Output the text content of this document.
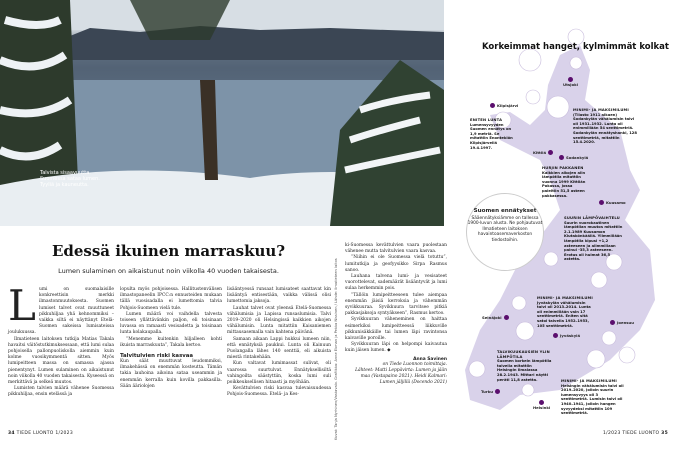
Talvista sisaavuutta. Suomessa sataa lumen. Tyyliä ja kauneutta.
Kuvat: Tanja Nyrhinen/Vastavalo. Grafiikka: Anne Ekman ja Pekka Nissinen / Lähde: Ilmatieteen laitos
Edessä ikuinen marraskuu?
Lumen sulaminen on aikaistunut noin viikolla 40 vuoden takaisesta.
L umi on suomalaisille konkreettisin merkki ilmastonmuutoksesta. Suomen lumiset talvet ovat muuttuneet pikkuhiljaa yhä kehnommiksi – vaikka siltä ei näyttänyt Etelä-Suomen sakeissa lumisateissa joulukuussa.

Ilmatieteen laitoksen tutkija Matias Takala havaitsi väitöstutkimuksessaan, että lumi sulaa pohjoisella pallonpuoliskolla aiemmin kuin kolme vuosikymmentä sitten. Myös lumipeitteen massa on samassa ajassa pienentynyt. Lumen sulaminen on aikaistunut noin viikolla 40 vuoden takaisesta. Kyseessä on merkittävä ja selkeä muutos.

Lumisten talvien määrä vähenee Suomessa pikkuhiljaa, ensin etelässä ja

lopulta myös pohjoisessa. Hallitustenvälisen ilmastopaneelin IPCC:n ennusteiden mukaan tällä vuosisadalla ei lumettomia talvia Pohjois-Suomeen vielä tule.

Lumen määrä voi vaihdella talvesta toiseen yllättävänkin paljon, eli toisinaan luvassa on ramaasti vesisadetta ja toisinaan lunta kolakaupalla.

”Menemme kuitenkin hiljalleen kohti ikuista marraskuuta”, Takala kertoo.

Talvitulvien riski kasvaa

Kun säät muuttuvat leudommiksi, ilmakehässä on enemmän kosteutta. Tämän takia lauhoina aikoina sataa useammin ja enemmän kerralla kuin kovilla pakkasilla. Sään ääriolojen

lisääntyessä runsaat lumisateet saattavat kin lisääntyä entisestään, vaikka välissä olisi lumettomia jaksoja.

Lauhat talvet ovat yleensä Etelä-Suomessa vähälumisia ja Lapissa runsaslumisia. Talvi 2019–2020 oli Helsingissä kaikkien aikojen vähälumisin. Lunta mitattiin Kaisaniemen mittausasemalla vain kahtena päivänä.

Samaan aikaan Lappi hukkui lumeen niin, että ennätyksiä paukkui. Lunta oli Kainuun Puolangalla lähes 140 senttiä, eli aikuista miestä rintakehään.

Kun valtavat lumimassat sulivat, oli vaarossa suurtulvat. Ennätyksellisiltä vahingoilta säästyttiin, koska lumi suli poikkeuksellisen hitaasti ja myöhään.

Kevättulvien riski kasvaa tulevaisuudessa Pohjois-Suomessa. Etelä- ja Kes-

ki-Suomessa kevättulvien vaara puolestaan vähenee mutta talvitulvien vaara kasvaa.

”Niihin ei ole Suomessa vielä totuttu”, lumitutkija ja geofyysikko Sirpa Rasmus sanoo.

Lauhana talvena lumi- ja vesisateet vuorottelevat, sademäärät lisääntyvät ja lumi sulaa herkemmin pois.

”Tällöin lumipeitteeseen tulee aiempaa enemmän jäisiä kerroksia ja vähemmän syvikkuuraa. Syvikkuura tarvitsee pitkiä pakkasjaksoja syntyäkseen”, Rasmus kertoo.

Syvikkuuran väheneminen on haittaa esimerkiksi lumipeitteessä liikkuville pikkunisäkkäille tai lumen läpi ravintonsa kaivaville poroille.

Syvikkuuran läpi on helpompi kaivautua kuin jäisen lumen. ◆

Anna Savinen
on Tiede Luonnon toimittaja.
Lähteet: Matti Leppävirta: Lumen ja jään maa (Vastapaino 2021). Heidi Kalmari: Lumen jäljillä (Docendo 2021)
34 TIEDE LUONTO 1/2023	1/2023 TIEDE LUONTO 35
Korkeimmat hanget, kylmimmät kolkat
Utsjoki
Kilpisjärvi
Kittilä
Sodankylä
Kuusamo
Seinäjoki
Joensuu
Jyväskylä
Turku
Helsinki
Suomen ennätykset
Sääennätyksiämme on tallessa 1900-luvun alusta. Ne pohjautuvat Ilmatieteen laitoksen havaintoasemaverkoston tiedostoihin.
ENITEN LUNTA
Lumensyvyyden Suomen ennätys on 1,9 metriä. Se mitattiin Enontekiön Kilpisjärvellä 19.4.1997.
MINIMI- JA MAKSIMILUMI
(Tilasto 1911 alkaen)
Sodankylän vähälumisin talvi oli 1931–1932. Lunta oli enimmillään 54 senttimetriä. Sodankylän ennätyshanki, 128 senttimetriä, mitattiin 15.4.2020.
HURJIN PAKKANEN
Kaikkien aikojen alin lämpötila mitattiin vuonna 1999 Kittilän Pokassa, jossa paleltiin 51,5 asteen pakkasessa.
SUURIN LÄMPÖVAIHTELU
Suurin vuorokautinen lämpötilan muutos mitattiin 2.1.1989 Kuusamon Kiutakönkäällä. Ylimmillään lämpötila kipusi +1,2 asteeseen ja alimmillaan painui -35,3 asteeseen. Erotus oli huimat 36,5 astetta.
MINIMI- JA MAKSIMILUMI
Jyväskylän vähälumisin talvi oli 2013–2014. Lunta oli enimmillään vain 17 senttimetriä. Eniten sitä satoi talvella 1952–1953, 105 senttimetriä.
TALVIKUUKAUSIEN YLIN LÄMPÖTILA
Suomen korkein lämpötila talvella mitattiin Helsingin Ilmalassa 28.2.1943. Mittari näytti peräti 11,8 astetta.	MINIMI- JA MAKSIMILUMI
Helsingin vähälumisin talvi oli 2019–2020, jolloin suurin lumensyvyys oli 3 senttimetriä. Lumisin talvi oli 1940–1941, jolloin hangen syvyydeksi mitattiin 109 senttimetriä.
